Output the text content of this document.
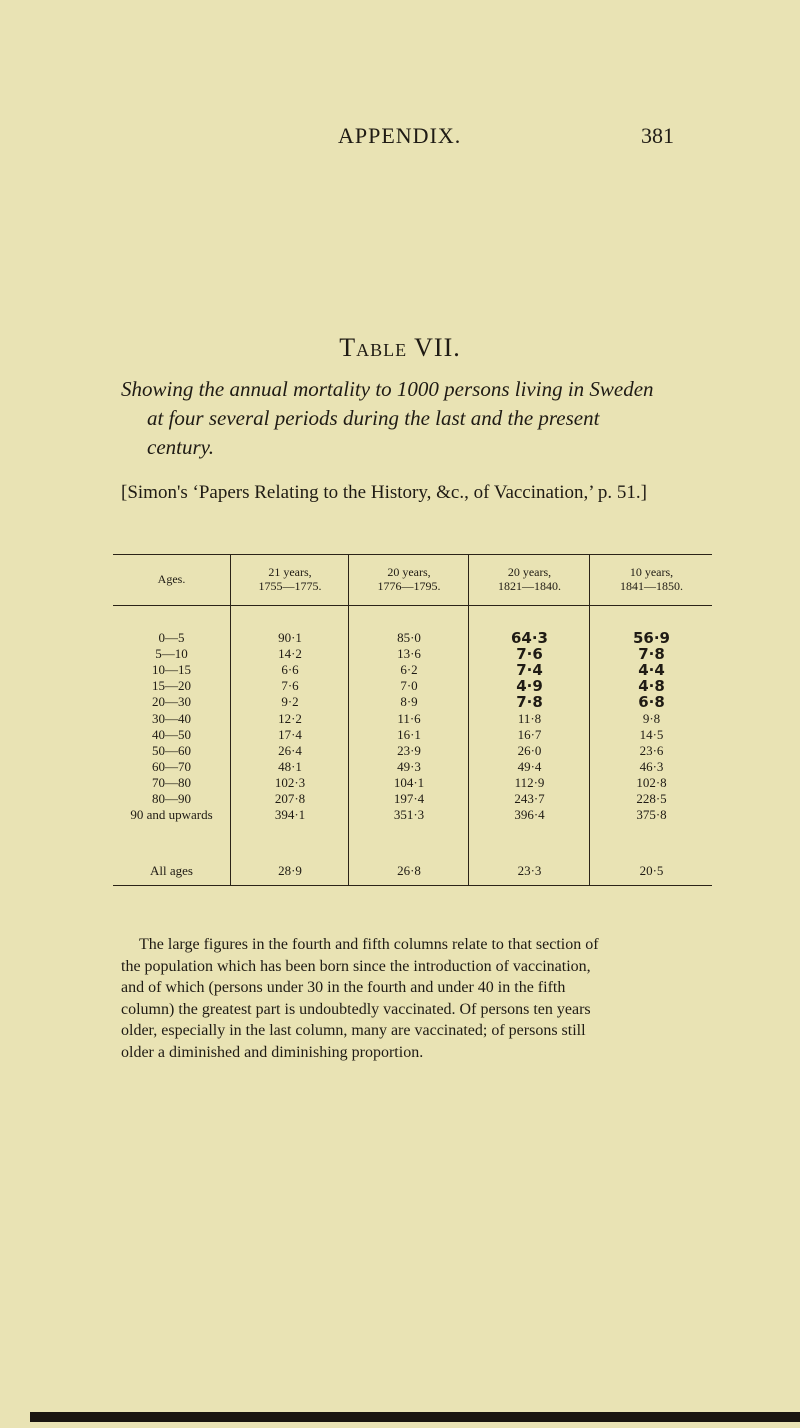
APPENDIX.	381
Table VII.
Showing the annual mortality to 1000 persons living in Sweden
at four several periods during the last and the present
century.
[Simon's ‘Papers Relating to the History, &c., of Vaccination,’ p. 51.]
Ages.
0—5
5—10
10—15
15—20
20—30
30—40
40—50
50—60
60—70
70—80
80—90
90 and upwards
All ages
21 years,
1755—1775.
90·1
14·2
6·6
7·6
9·2
12·2
17·4
26·4
48·1
102·3
207·8
394·1
28·9
20 years,
1776—1795.
85·0
13·6
6·2
7·0
8·9
11·6
16·1
23·9
49·3
104·1
197·4
351·3
26·8
20 years,
1821—1840.
64·3
7·6
7·4
4·9
7·8
11·8
16·7
26·0
49·4
112·9
243·7
396·4
23·3
10 years,
1841—1850.
56·9
7·8
4·4
4·8
6·8
9·8
14·5
23·6
46·3
102·8
228·5
375·8
20·5
The large figures in the fourth and fifth columns relate to that section of
the population which has been born since the introduction of vaccination,
and of which (persons under 30 in the fourth and under 40 in the fifth
column) the greatest part is undoubtedly vaccinated. Of persons ten years
older, especially in the last column, many are vaccinated; of persons still
older a diminished and diminishing proportion.
